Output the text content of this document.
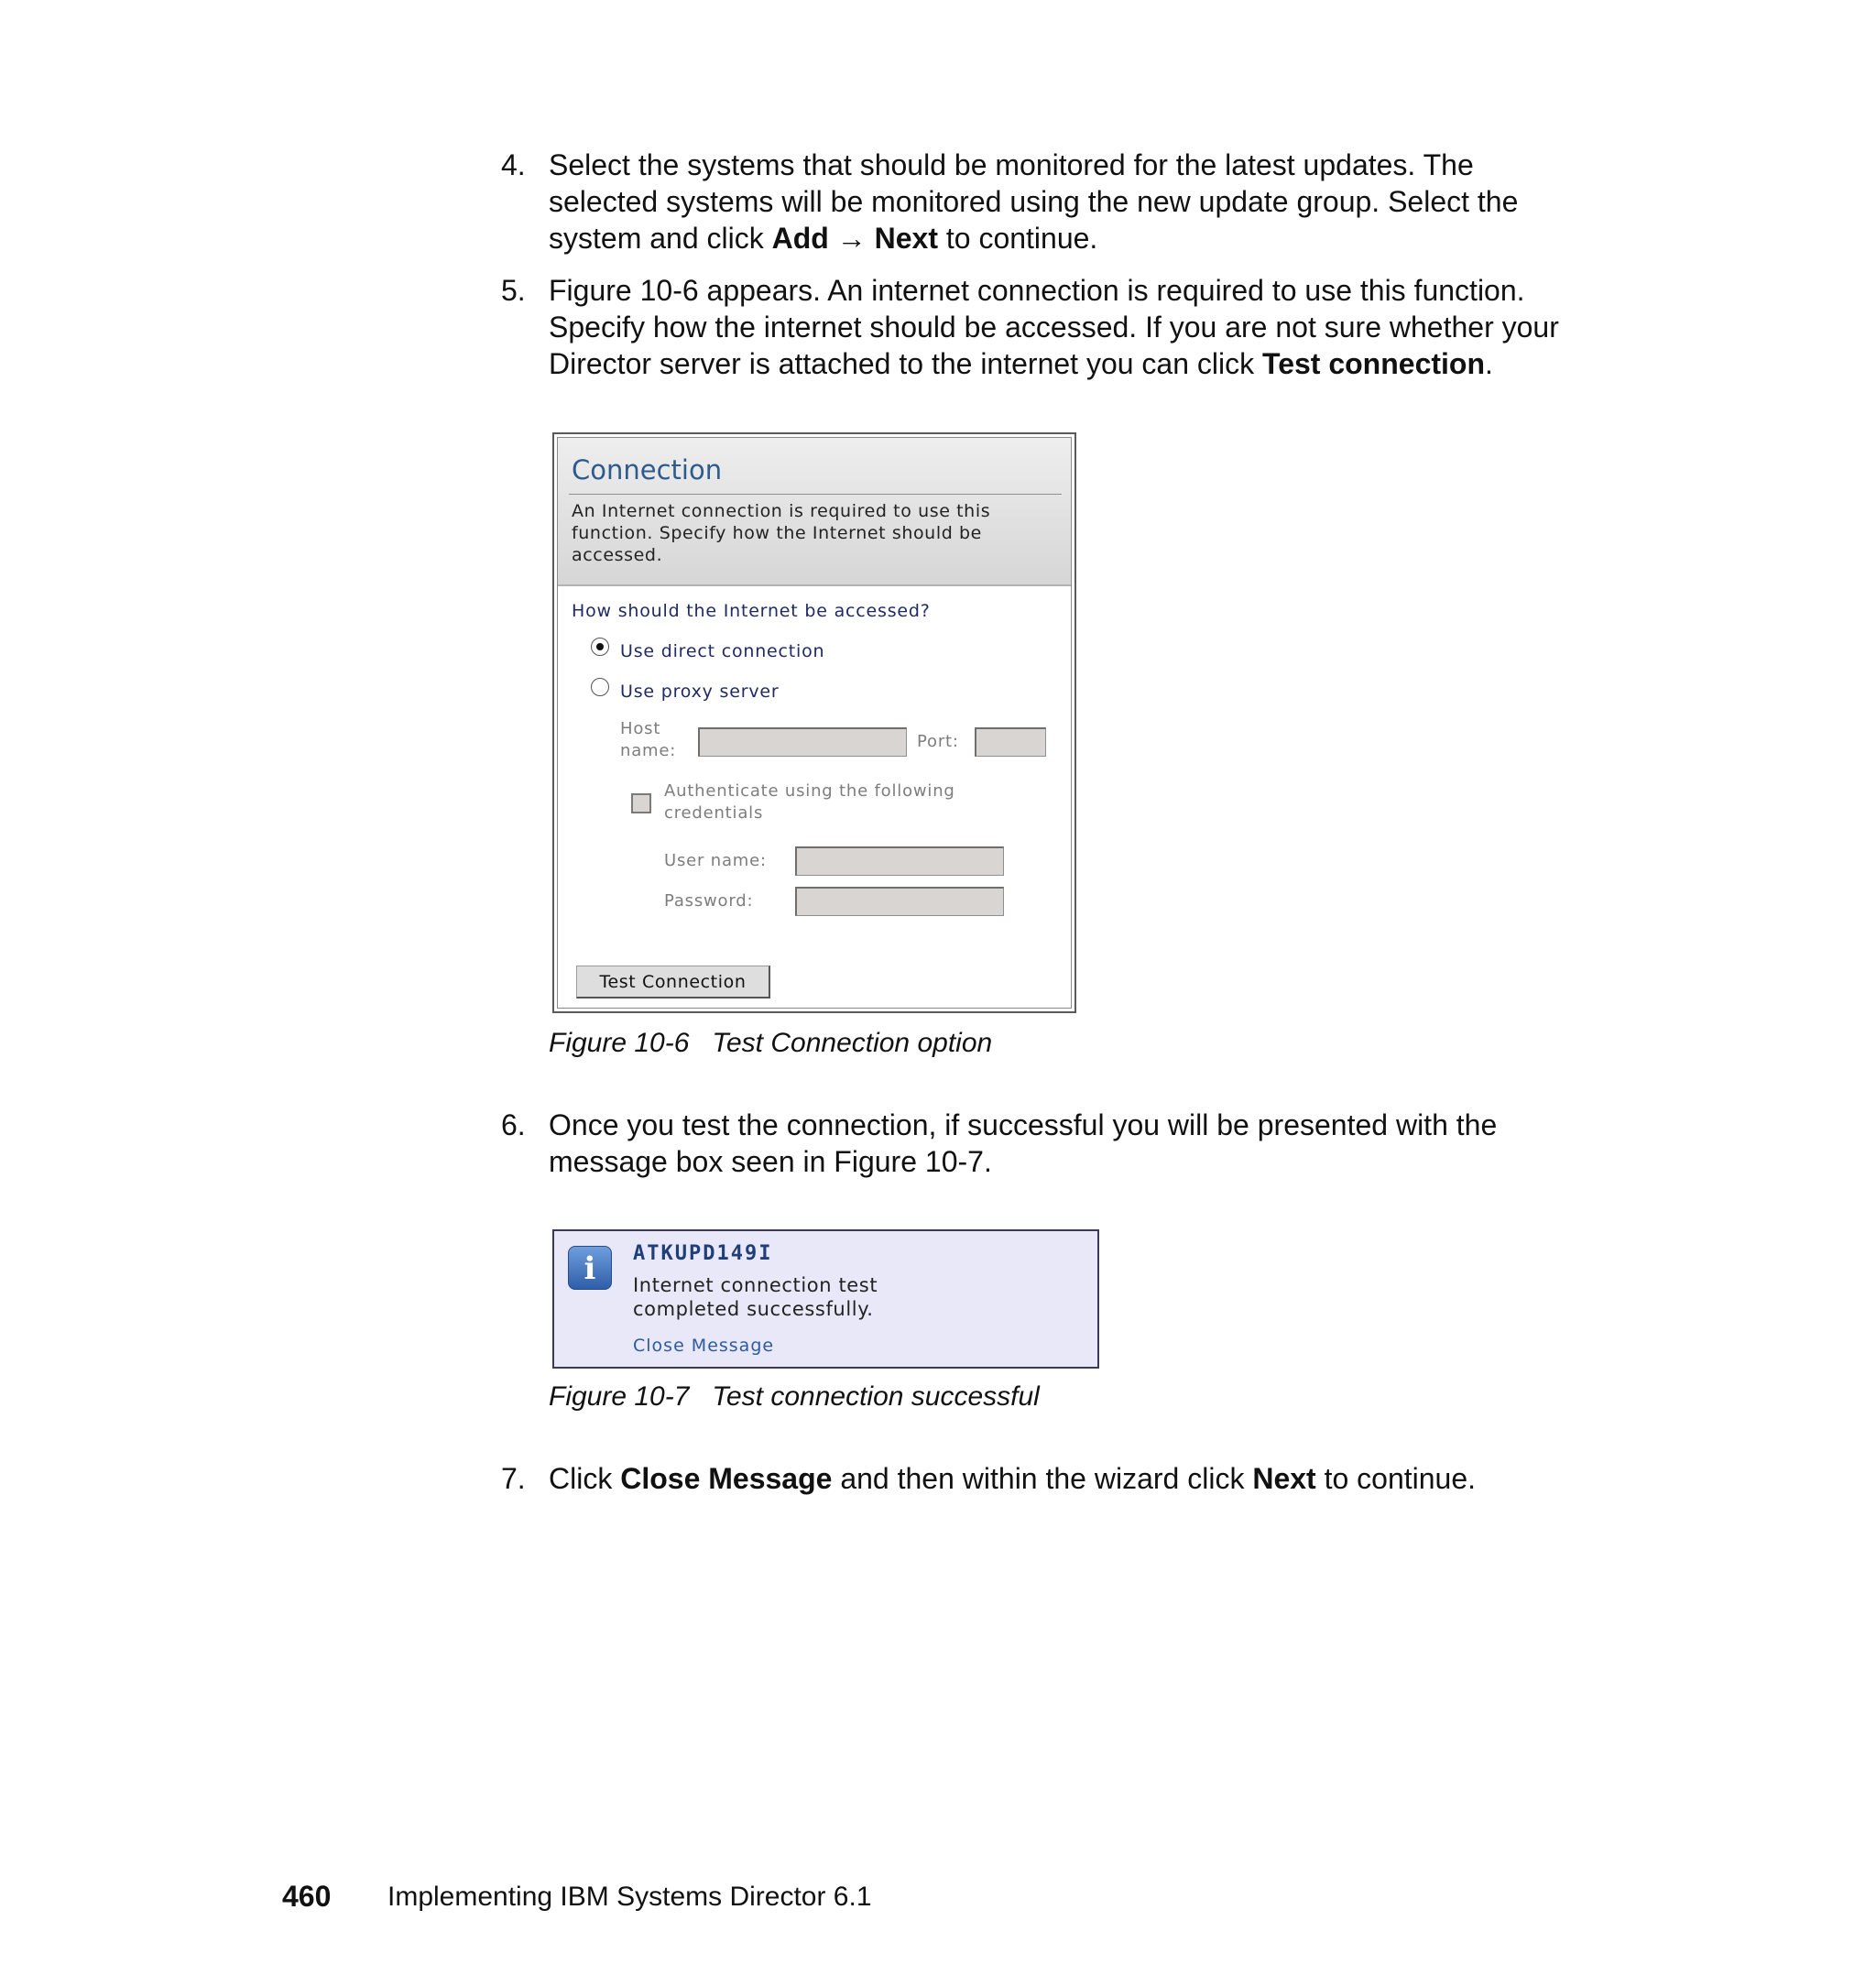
4. Select the systems that should be monitored for the latest updates. The
selected systems will be monitored using the new update group. Select the
system and click Add → Next to continue.
5. Figure 10-6 appears. An internet connection is required to use this function.
Specify how the internet should be accessed. If you are not sure whether your
Director server is attached to the internet you can click Test connection.
Connection
An Internet connection is required to use this function. Specify how the Internet should be accessed.
How should the Internet be accessed?
Use direct connection
Use proxy server
Host
name:	Port:
Authenticate using the following
credentials
User name:
Password:
Test Connection
Figure 10-6   Test Connection option
6. Once you test the connection, if successful you will be presented with the
message box seen in Figure 10-7.
i	ATKUPD149I
Internet connection test
completed successfully.
Close Message
Figure 10-7   Test connection successful
7. Click Close Message and then within the wizard click Next to continue.
460 Implementing IBM Systems Director 6.1
